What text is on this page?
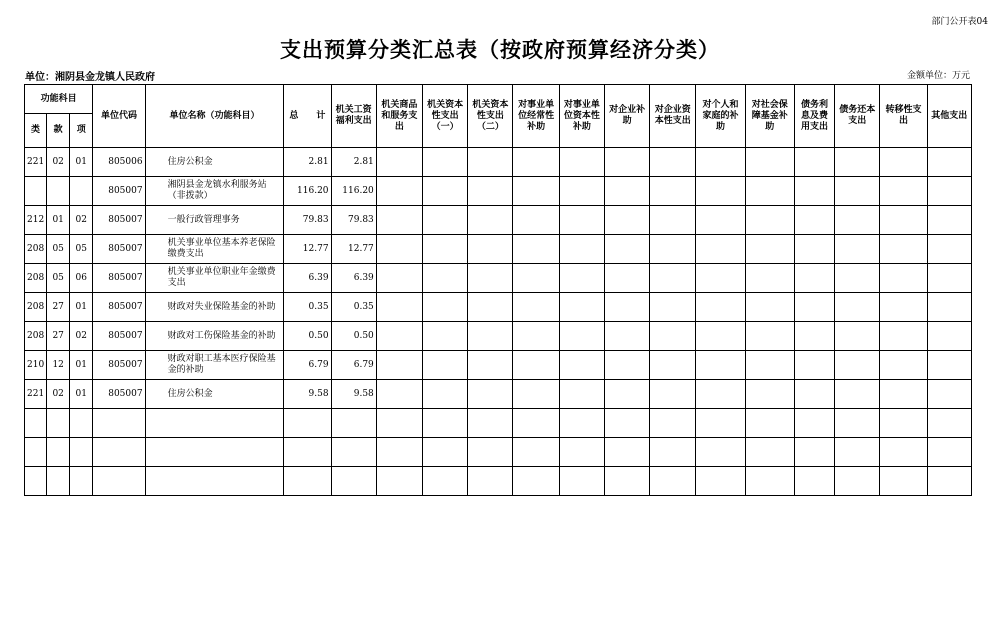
部门公开表04
支出预算分类汇总表（按政府预算经济分类）
单位：湘阴县金龙镇人民政府	金额单位：万元
功能科目			单位代码	单位名称（功能科目）	总　　计	机关工资福利支出	机关商品和服务支出	机关资本性支出（一）	机关资本性支出（二）	对事业单位经常性补助	对事业单位资本性补助	对企业补助	对企业资本性支出	对个人和家庭的补助	对社会保障基金补助	债务利息及费用支出	债务还本支出	转移性支出	其他支出
类	款	项																	
221	02	01	805006	住房公积金	2.81	2.81													
			805007	湘阴县金龙镇水利服务站（非拨款）	116.20	116.20													
212	01	02	805007	一般行政管理事务	79.83	79.83													
208	05	05	805007	机关事业单位基本养老保险缴费支出	12.77	12.77													
208	05	06	805007	机关事业单位职业年金缴费支出	6.39	6.39													
208	27	01	805007	财政对失业保险基金的补助	0.35	0.35													
208	27	02	805007	财政对工伤保险基金的补助	0.50	0.50													
210	12	01	805007	财政对职工基本医疗保险基金的补助	6.79	6.79													
221	02	01	805007	住房公积金	9.58	9.58													
